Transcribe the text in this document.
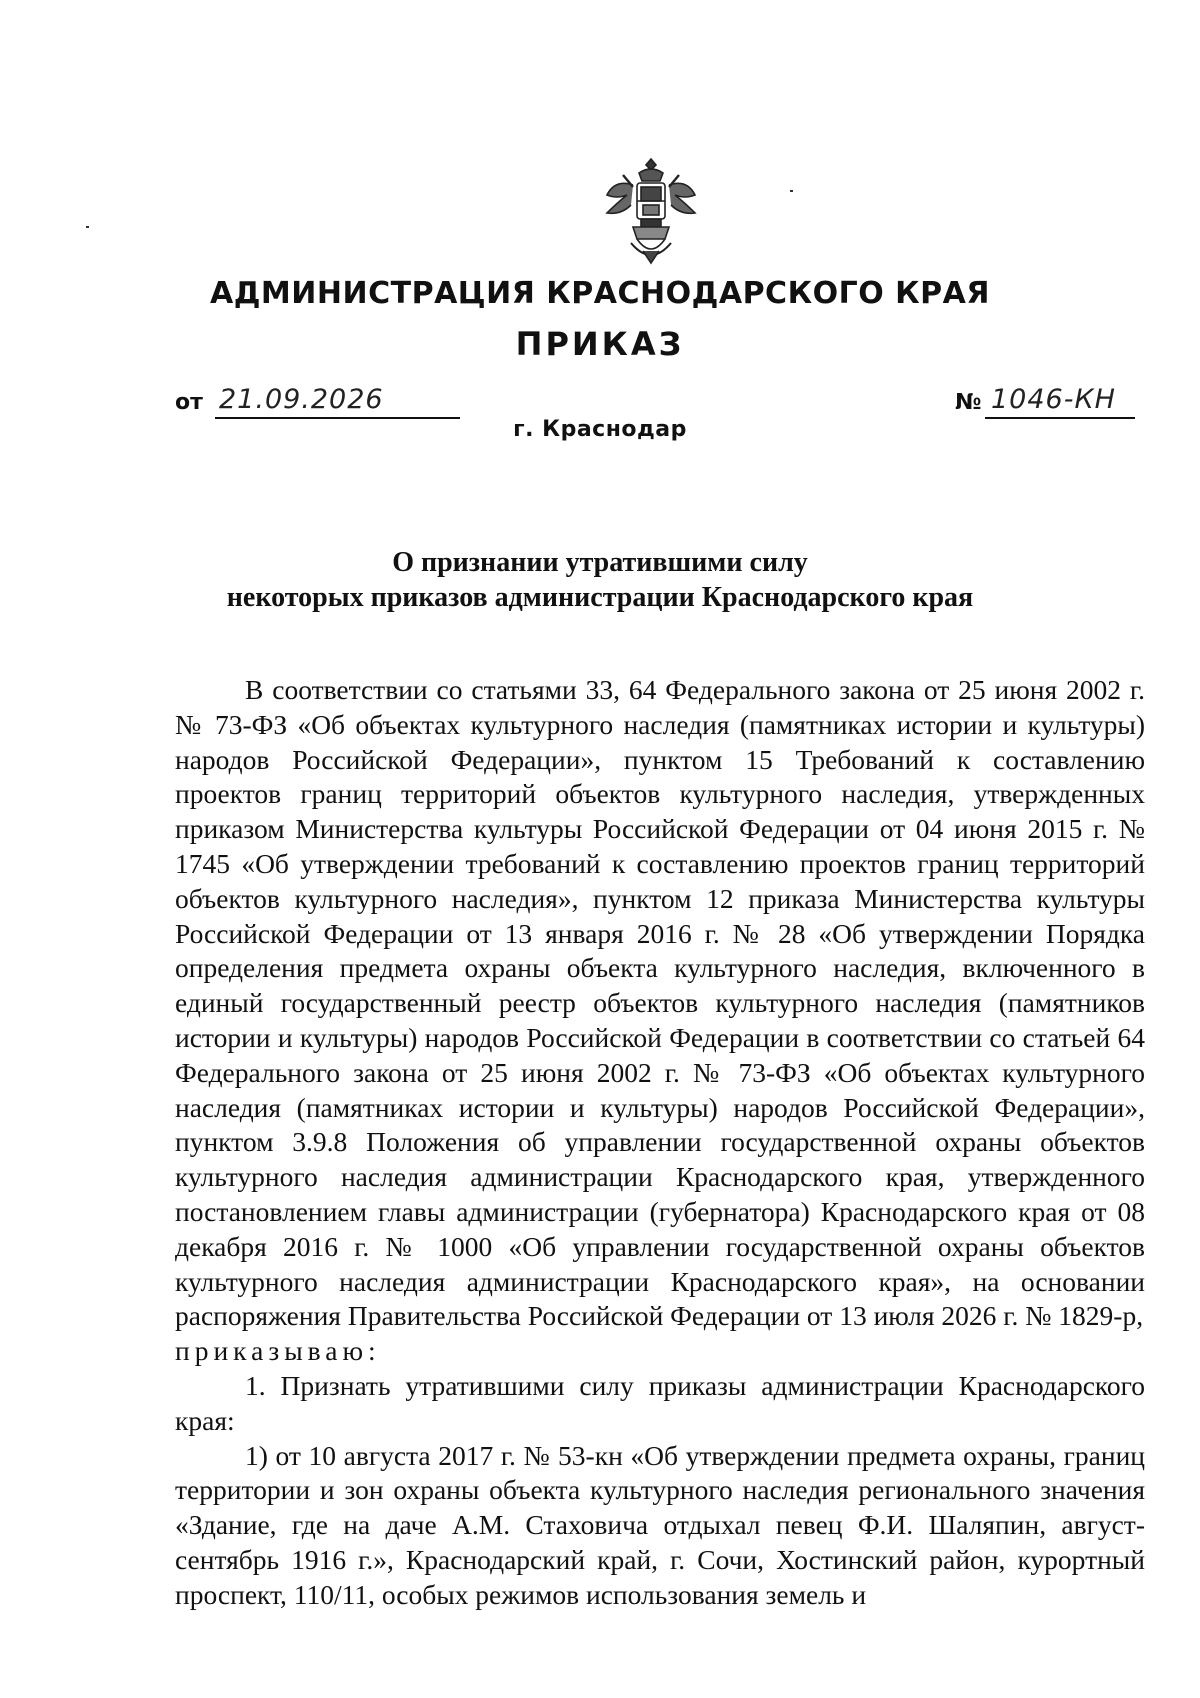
АДМИНИСТРАЦИЯ КРАСНОДАРСКОГО КРАЯ
ПРИКАЗ
от 21.09.2026	№ 1046-КН
г. Краснодар
О признании утратившими силу
некоторых приказов администрации Краснодарского края

В соответствии со статьями 33, 64 Федерального закона от 25 июня 2002 г. № 73-ФЗ «Об объектах культурного наследия (памятниках истории и культуры) народов Российской Федерации», пунктом 15 Требований к составлению проектов границ территорий объектов культурного наследия, утвержденных приказом Министерства культуры Российской Федерации от 04 июня 2015 г. № 1745 «Об утверждении требований к составлению проектов границ территорий объектов культурного наследия», пунктом 12 приказа Министерства культуры Российской Федерации от 13 января 2016 г. № 28 «Об утверждении Порядка определения предмета охраны объекта культурного наследия, включенного в единый государственный реестр объектов культурного наследия (памятников истории и культуры) народов Российской Федерации в соответствии со статьей 64 Федерального закона от 25 июня 2002 г. № 73-ФЗ «Об объектах культурного наследия (памятниках истории и культуры) народов Российской Федерации», пунктом 3.9.8 Положения об управлении государственной охраны объектов культурного наследия администрации Краснодарского края, утвержденного постановлением главы администрации (губернатора) Краснодарского края от 08 декабря 2016 г. № 1000 «Об управлении государственной охраны объектов культурного наследия администрации Краснодарского края», на основании распоряжения Правительства Российской Федерации от 13 июля 2026 г. № 1829-р,

приказываю:

1. Признать утратившими силу приказы администрации Краснодарского края:

1) от 10 августа 2017 г. № 53-кн «Об утверждении предмета охраны, границ территории и зон охраны объекта культурного наследия регионального значения «Здание, где на даче А.М. Стаховича отдыхал певец Ф.И. Шаляпин, август-сентябрь 1916 г.», Краснодарский край, г. Сочи, Хостинский район, курортный проспект, 110/11, особых режимов использования земель и
